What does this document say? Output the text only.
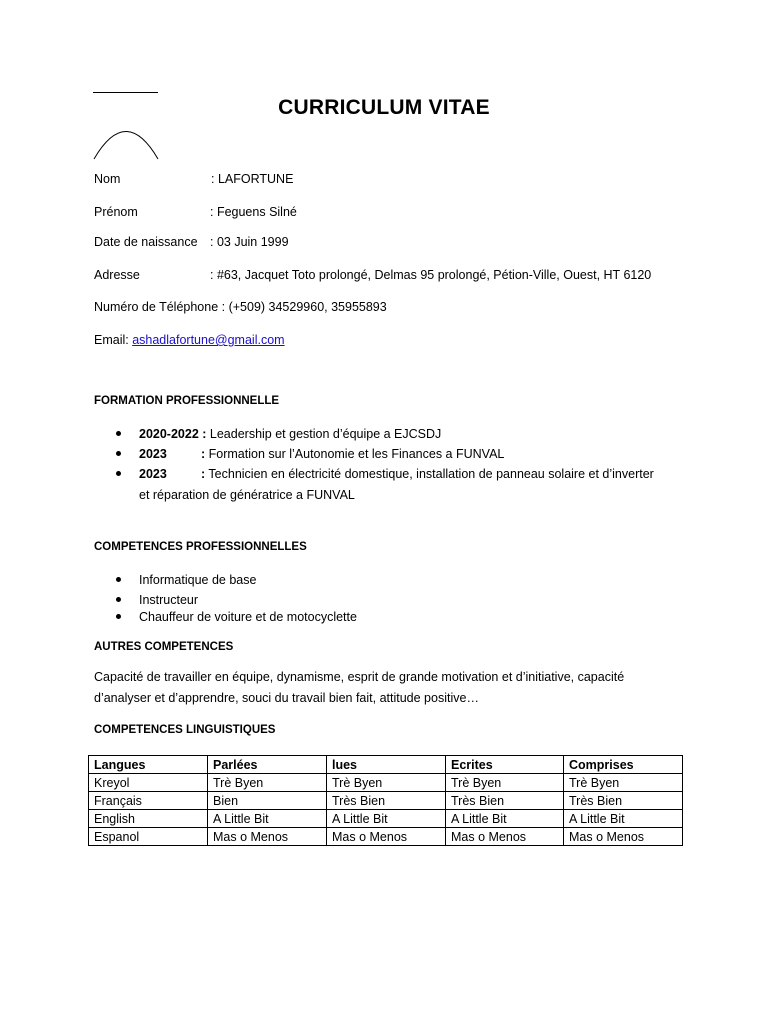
CURRICULUM VITAE
Nom	: LAFORTUNE
Prénom	: Feguens Silné
Date de naissance : 03 Juin 1999
Adresse	: #63, Jacquet Toto prolongé, Delmas 95 prolongé, Pétion-Ville, Ouest, HT 6120
Numéro de Téléphone : (+509) 34529960, 35955893
Email: ashadlafortune@gmail.com
FORMATION PROFESSIONNELLE
2020-2022 : Leadership et gestion d’équipe a EJCSDJ
2023	: Formation sur l’Autonomie et les Finances a FUNVAL
2023	: Technicien en électricité domestique, installation de panneau solaire et d’inverter
et réparation de génératrice a FUNVAL
COMPETENCES PROFESSIONNELLES
Informatique de base
Instructeur
Chauffeur de voiture et de motocyclette
AUTRES COMPETENCES
Capacité de travailler en équipe, dynamisme, esprit de grande motivation et d’initiative, capacité d’analyser et d’apprendre, souci du travail bien fait, attitude positive…
COMPETENCES LINGUISTIQUES
Langues	Parlées	lues	Ecrites	Comprises
Kreyol	Trè Byen	Trè Byen	Trè Byen	Trè Byen
Français	Bien	Très Bien	Très Bien	Très Bien
English	A Little Bit	A Little Bit	A Little Bit	A Little Bit
Espanol	Mas o Menos	Mas o Menos	Mas o Menos	Mas o Menos
